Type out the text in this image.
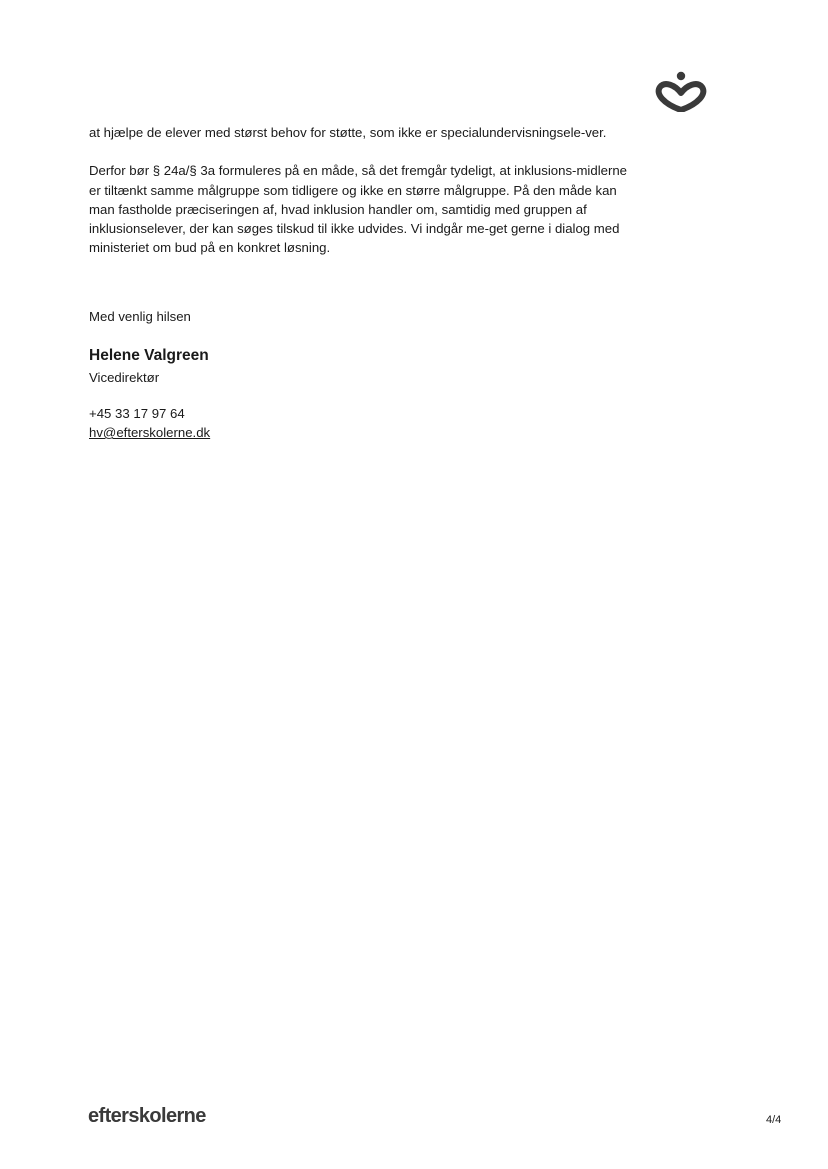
at hjælpe de elever med størst behov for støtte, som ikke er specialundervisningsele-ver.

Derfor bør § 24a/§ 3a formuleres på en måde, så det fremgår tydeligt, at inklusions-midlerne er tiltænkt samme målgruppe som tidligere og ikke en større målgruppe. På den måde kan man fastholde præciseringen af, hvad inklusion handler om, samtidig med gruppen af inklusionselever, der kan søges tilskud til ikke udvides. Vi indgår me-get gerne i dialog med ministeriet om bud på en konkret løsning.

Med venlig hilsen
Helene Valgreen
Vicedirektør
+45 33 17 97 64
hv@efterskolerne.dk
efterskolerne	4/4
